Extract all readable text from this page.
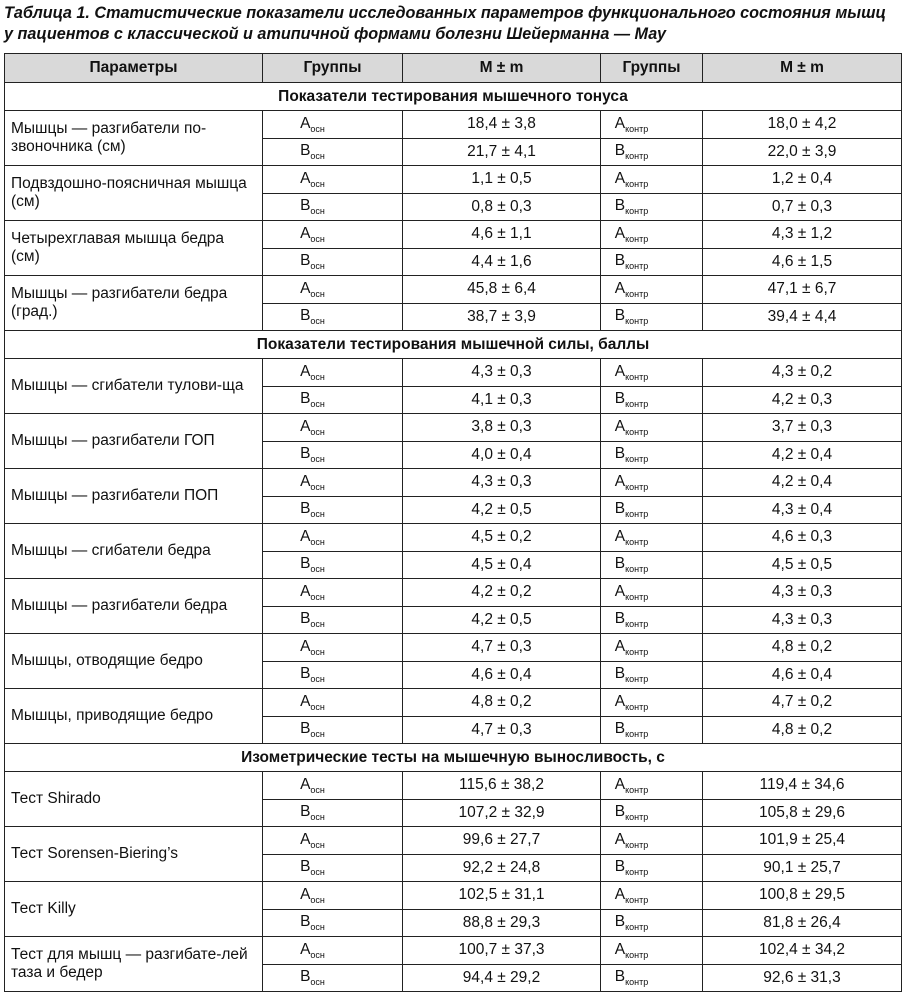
Таблица 1. Статистические показатели исследованных параметров функционального состояния мышц у пациентов с классической и атипичной формами болезни Шейерманна — Мау
Параметры	Группы	M ± m	Группы	M ± m
Показатели тестирования мышечного тонуса				
Мышцы — разгибатели по-звоночника (см)	$A_{осн}$	18,4 ± 3,8	$A_{контр}$	18,0 ± 4,2
	$B_{осн}$	21,7 ± 4,1	$B_{контр}$	22,0 ± 3,9
Подвздошно-поясничная мышца (см)	$A_{осн}$	1,1 ± 0,5	$A_{контр}$	1,2 ± 0,4
	$B_{осн}$	0,8 ± 0,3	$B_{контр}$	0,7 ± 0,3
Четырехглавая мышца бедра (см)	$A_{осн}$	4,6 ± 1,1	$A_{контр}$	4,3 ± 1,2
	$B_{осн}$	4,4 ± 1,6	$B_{контр}$	4,6 ± 1,5
Мышцы — разгибатели бедра (град.)	$A_{осн}$	45,8 ± 6,4	$A_{контр}$	47,1 ± 6,7
	$B_{осн}$	38,7 ± 3,9	$B_{контр}$	39,4 ± 4,4
Показатели тестирования мышечной силы, баллы				
Мышцы — сгибатели тулови-ща	$A_{осн}$	4,3 ± 0,3	$A_{контр}$	4,3 ± 0,2
	$B_{осн}$	4,1 ± 0,3	$B_{контр}$	4,2 ± 0,3
Мышцы — разгибатели ГОП	$A_{осн}$	3,8 ± 0,3	$A_{контр}$	3,7 ± 0,3
	$B_{осн}$	4,0 ± 0,4	$B_{контр}$	4,2 ± 0,4
Мышцы — разгибатели ПОП	$A_{осн}$	4,3 ± 0,3	$A_{контр}$	4,2 ± 0,4
	$B_{осн}$	4,2 ± 0,5	$B_{контр}$	4,3 ± 0,4
Мышцы — сгибатели бедра	$A_{осн}$	4,5 ± 0,2	$A_{контр}$	4,6 ± 0,3
	$B_{осн}$	4,5 ± 0,4	$B_{контр}$	4,5 ± 0,5
Мышцы — разгибатели бедра	$A_{осн}$	4,2 ± 0,2	$A_{контр}$	4,3 ± 0,3
	$B_{осн}$	4,2 ± 0,5	$B_{контр}$	4,3 ± 0,3
Мышцы, отводящие бедро	$A_{осн}$	4,7 ± 0,3	$A_{контр}$	4,8 ± 0,2
	$B_{осн}$	4,6 ± 0,4	$B_{контр}$	4,6 ± 0,4
Мышцы, приводящие бедро	$A_{осн}$	4,8 ± 0,2	$A_{контр}$	4,7 ± 0,2
	$B_{осн}$	4,7 ± 0,3	$B_{контр}$	4,8 ± 0,2
Изометрические тесты на мышечную выносливость, с				
Тест Shirado	$A_{осн}$	115,6 ± 38,2	$A_{контр}$	119,4 ± 34,6
	$B_{осн}$	107,2 ± 32,9	$B_{контр}$	105,8 ± 29,6
Тест Sorensen-Biering’s	$A_{осн}$	99,6 ± 27,7	$A_{контр}$	101,9 ± 25,4
	$B_{осн}$	92,2 ± 24,8	$B_{контр}$	90,1 ± 25,7
Тест Killy	$A_{осн}$	102,5 ± 31,1	$A_{контр}$	100,8 ± 29,5
	$B_{осн}$	88,8 ± 29,3	$B_{контр}$	81,8 ± 26,4
Тест для мышц — разгибате-лей таза и бедер	$A_{осн}$	100,7 ± 37,3	$A_{контр}$	102,4 ± 34,2
	$B_{осн}$	94,4 ± 29,2	$B_{контр}$	92,6 ± 31,3
